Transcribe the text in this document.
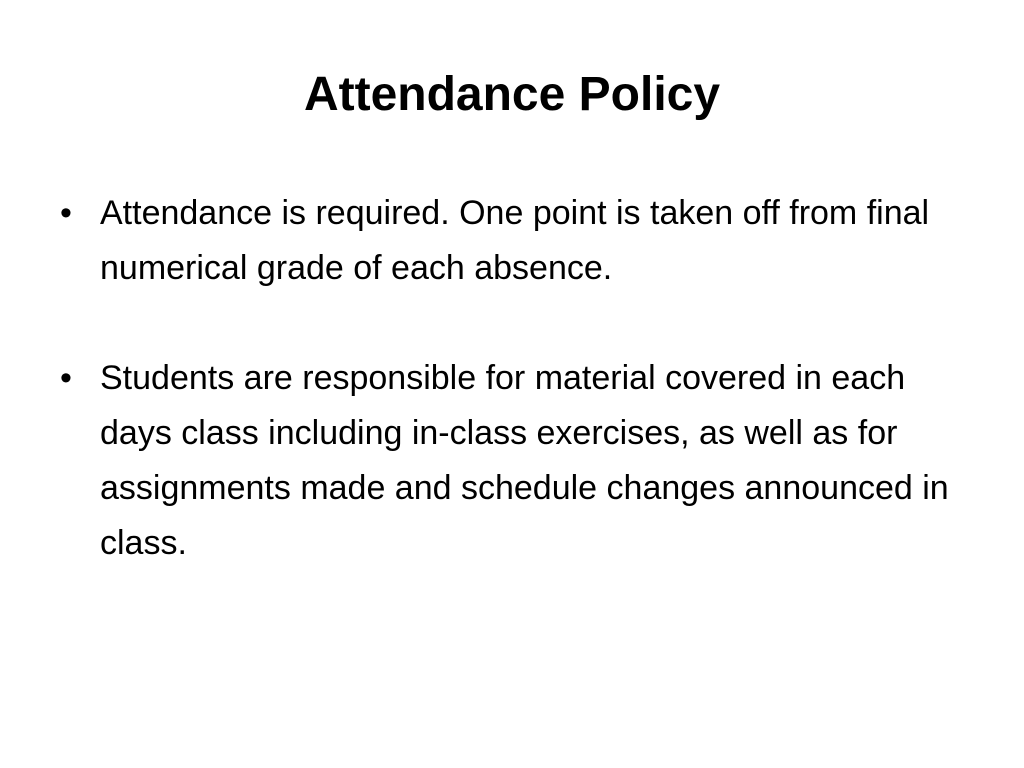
Attendance Policy
• Attendance is required. One point is taken off from final numerical grade of each absence.
• Students are responsible for material covered in each days class including in-class exercises, as well as for assignments made and schedule changes announced in class.
